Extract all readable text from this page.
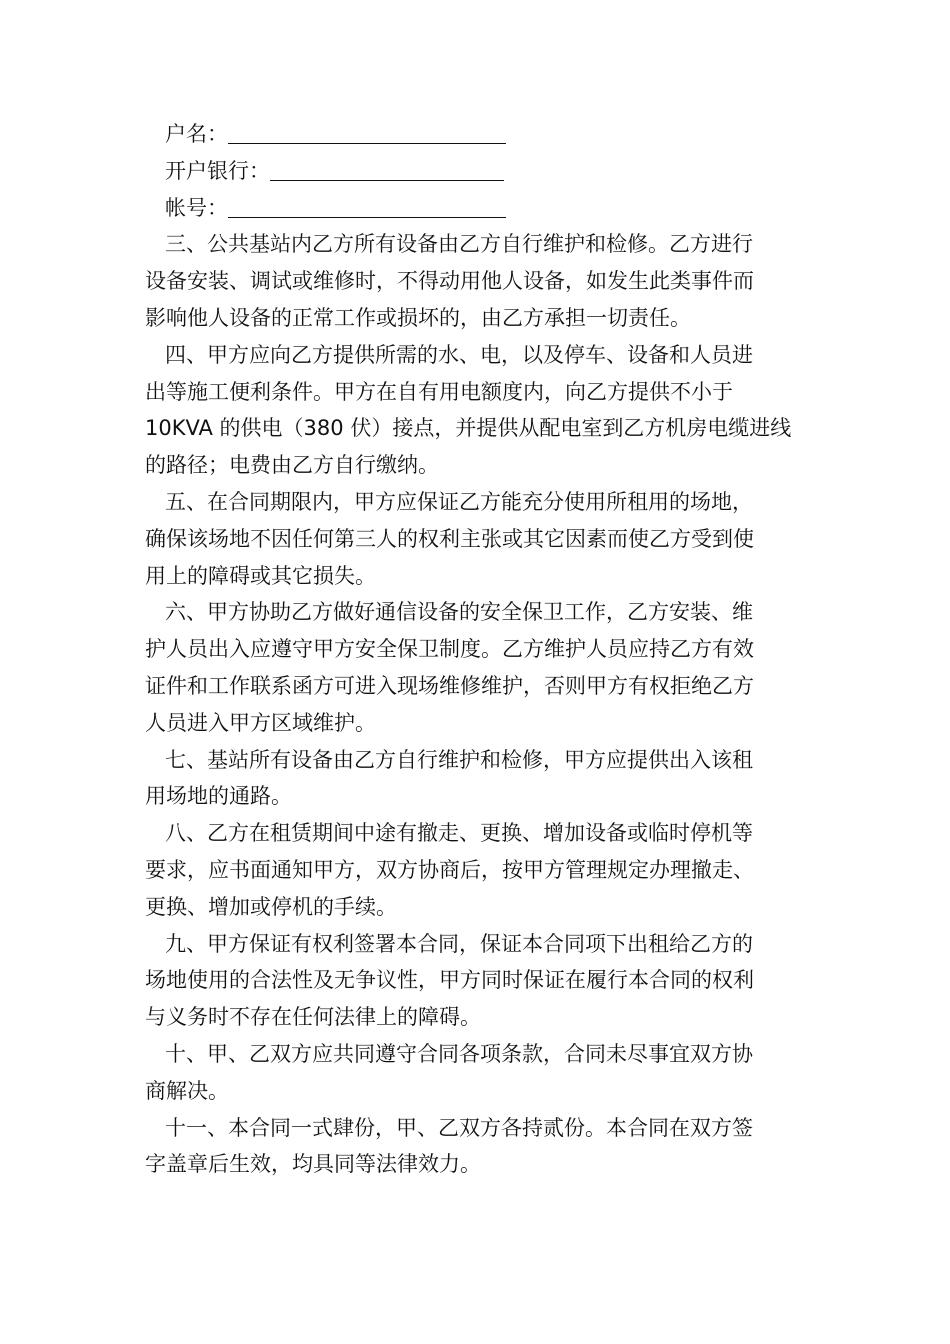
户名：
开户银行：
帐号：
三、公共基站内乙方所有设备由乙方自行维护和检修。乙方进行
设备安装、调试或维修时，不得动用他人设备，如发生此类事件而
影响他人设备的正常工作或损坏的，由乙方承担一切责任。
四、甲方应向乙方提供所需的水、电，以及停车、设备和人员进
出等施工便利条件。甲方在自有用电额度内，向乙方提供不小于
10KVA 的供电（380 伏）接点，并提供从配电室到乙方机房电缆进线
的路径；电费由乙方自行缴纳。
五、在合同期限内，甲方应保证乙方能充分使用所租用的场地，
确保该场地不因任何第三人的权利主张或其它因素而使乙方受到使
用上的障碍或其它损失。
六、甲方协助乙方做好通信设备的安全保卫工作，乙方安装、维
护人员出入应遵守甲方安全保卫制度。乙方维护人员应持乙方有效
证件和工作联系函方可进入现场维修维护，否则甲方有权拒绝乙方
人员进入甲方区域维护。
七、基站所有设备由乙方自行维护和检修，甲方应提供出入该租
用场地的通路。
八、乙方在租赁期间中途有撤走、更换、增加设备或临时停机等
要求，应书面通知甲方，双方协商后，按甲方管理规定办理撤走、
更换、增加或停机的手续。
九、甲方保证有权利签署本合同，保证本合同项下出租给乙方的
场地使用的合法性及无争议性，甲方同时保证在履行本合同的权利
与义务时不存在任何法律上的障碍。
十、甲、乙双方应共同遵守合同各项条款，合同未尽事宜双方协
商解决。
十一、本合同一式肆份，甲、乙双方各持贰份。本合同在双方签
字盖章后生效，均具同等法律效力。
